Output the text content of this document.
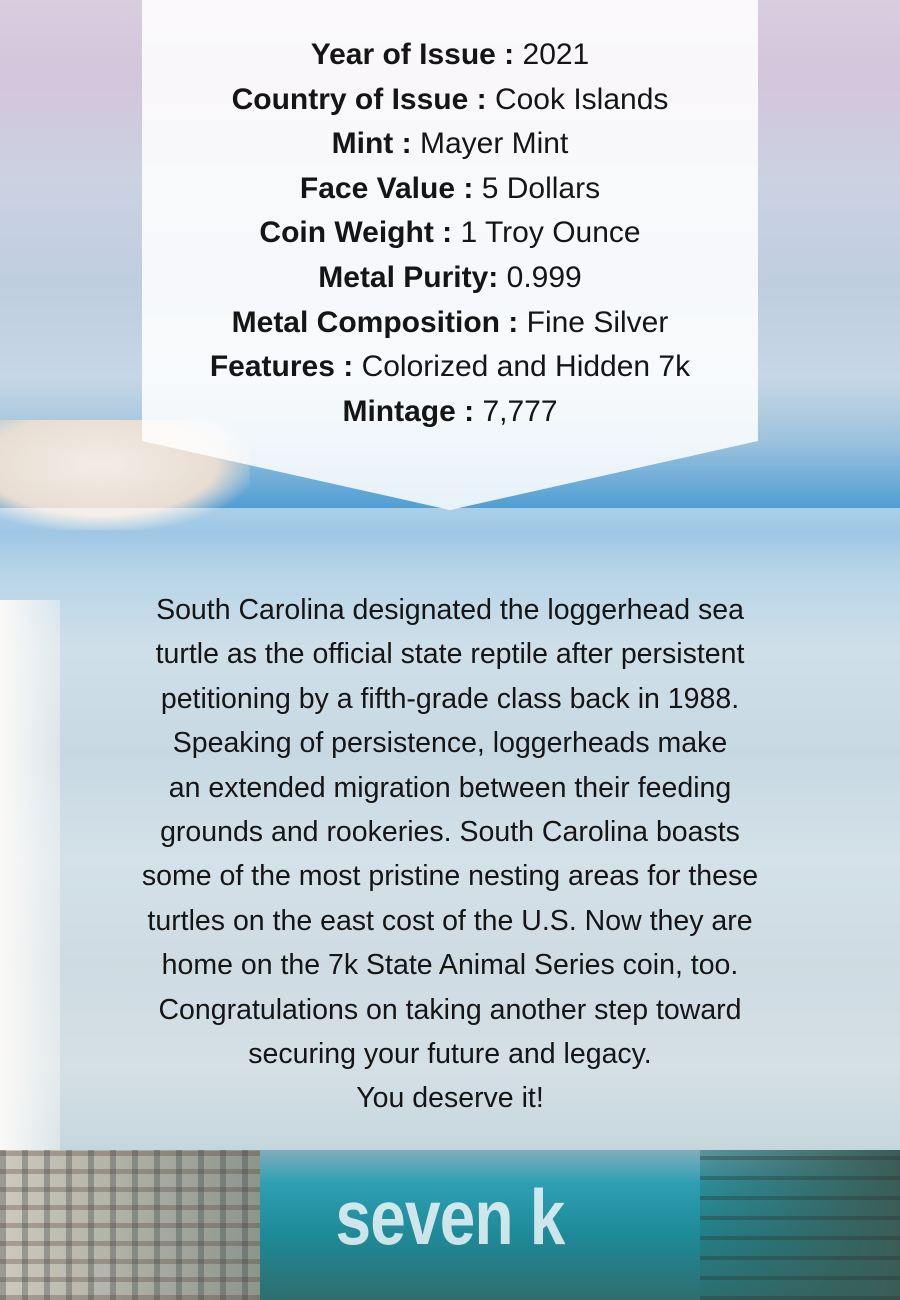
Year of Issue : 2021
Country of Issue : Cook Islands
Mint : Mayer Mint
Face Value : 5 Dollars
Coin Weight : 1 Troy Ounce
Metal Purity: 0.999
Metal Composition : Fine Silver
Features : Colorized and Hidden 7k
Mintage : 7,777
South Carolina designated the loggerhead sea
turtle as the official state reptile after persistent
petitioning by a fifth-grade class back in 1988.
Speaking of persistence, loggerheads make
an extended migration between their feeding
grounds and rookeries. South Carolina boasts
some of the most pristine nesting areas for these
turtles on the east cost of the U.S. Now they are
home on the 7k State Animal Series coin, too.
Congratulations on taking another step toward
securing your future and legacy.
You deserve it!
seven k
